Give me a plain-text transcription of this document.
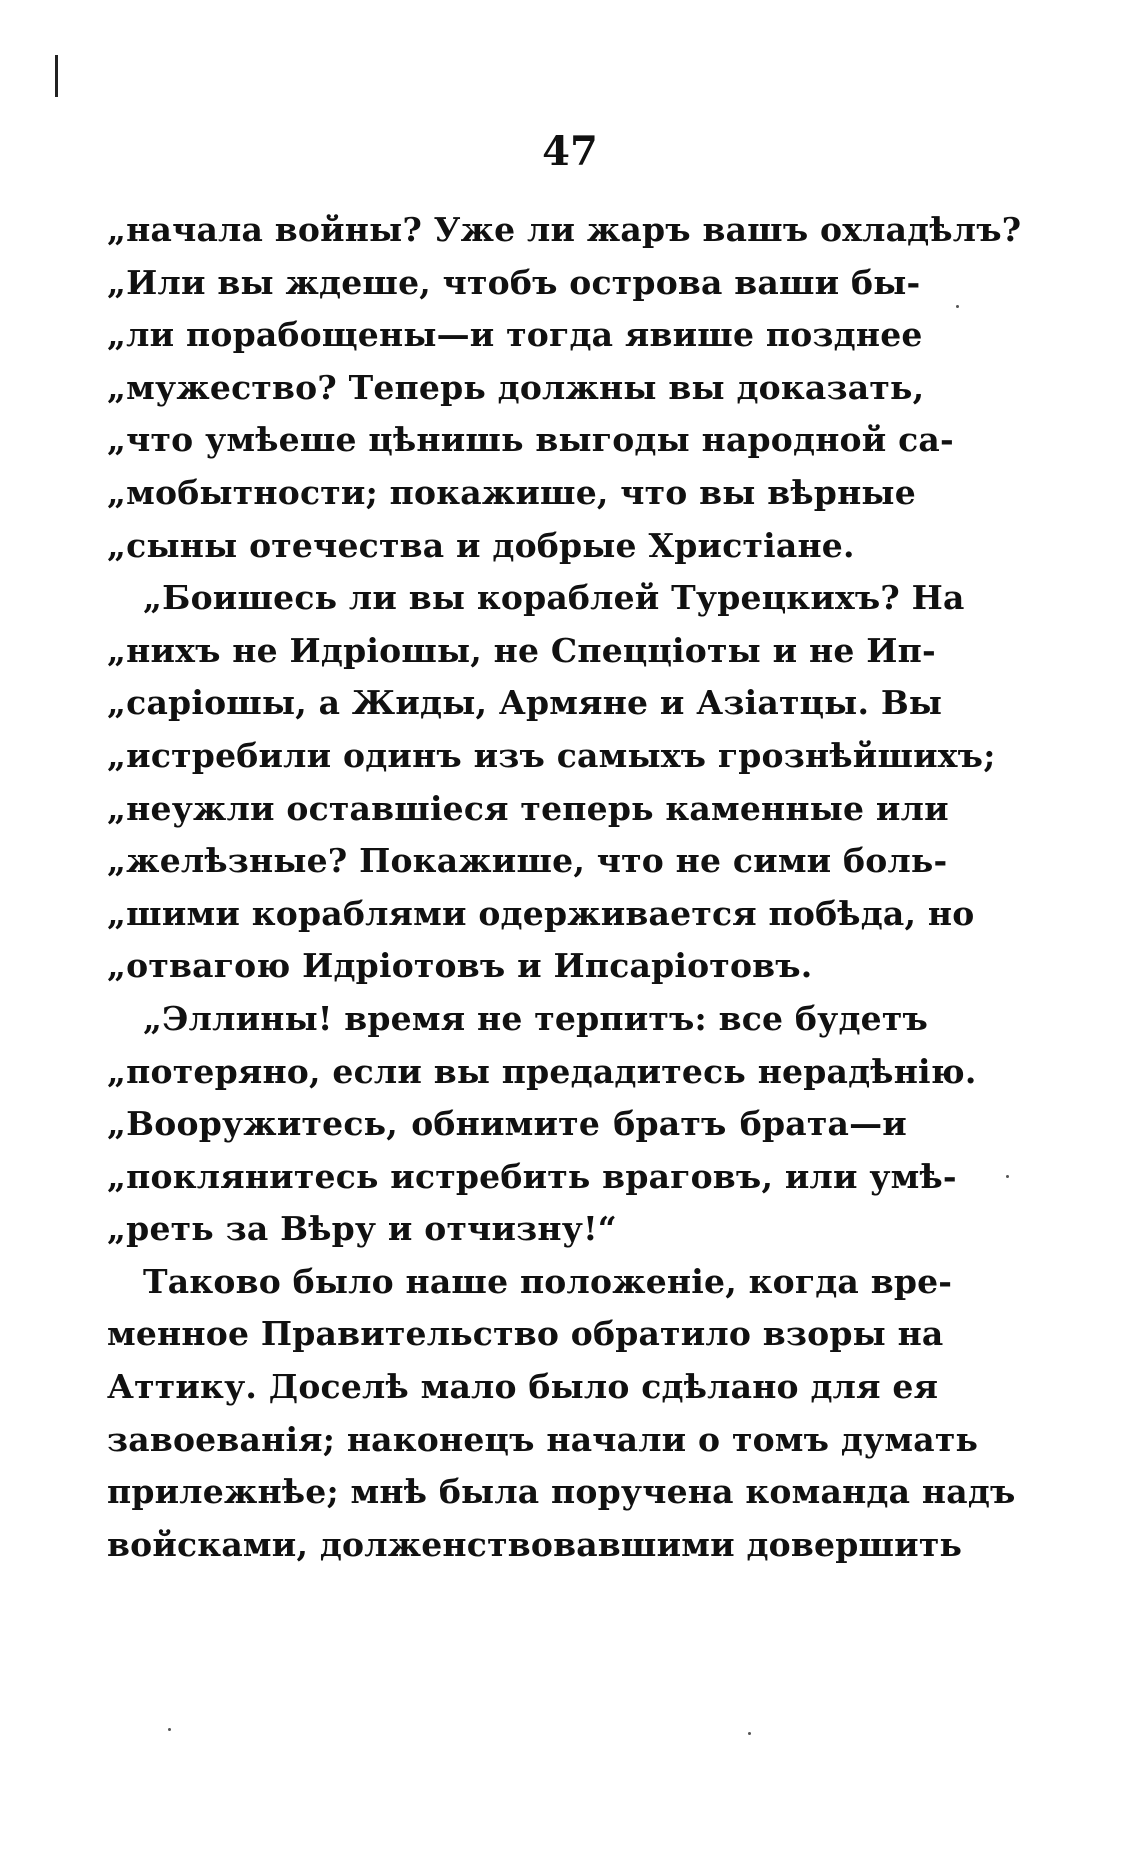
47
„начала войны? Уже ли жаръ вашъ охладѣлъ?
„Или вы ждеше, чтобъ острова ваши бы-
„ли порабощены—и тогда явише позднее
„мужество? Теперь должны вы доказать,
„что умѣеше цѣнишь выгоды народной са-
„мобытности; покажише, что вы вѣрные
„сыны отечества и добрые Христіане.
„Боишесь ли вы кораблей Турецкихъ? На
„нихъ не Идріошы, не Спецціоты и не Ип-
„саріошы, а Жиды, Армяне и Азіатцы. Вы
„истребили одинъ изъ самыхъ грознѣйшихъ;
„неужли оставшіеся теперь каменные или
„желѣзные? Покажише, что не сими боль-
„шими кораблями одерживается побѣда, но
„отвагою Идріотовъ и Ипсаріотовъ.
„Эллины! время не терпитъ: все будетъ
„потеряно, если вы предадитесь нерадѣнію.
„Вооружитесь, обнимите братъ брата—и
„поклянитесь истребить враговъ, или умѣ-
„реть за Вѣру и отчизну!“
Таково было наше положеніе, когда вре-
менное Правительство обратило взоры на
Аттику. Доселѣ мало было сдѣлано для ея
завоеванія; наконецъ начали о томъ думать
прилежнѣе; мнѣ была поручена команда надъ
войсками, долженствовавшими довершить
